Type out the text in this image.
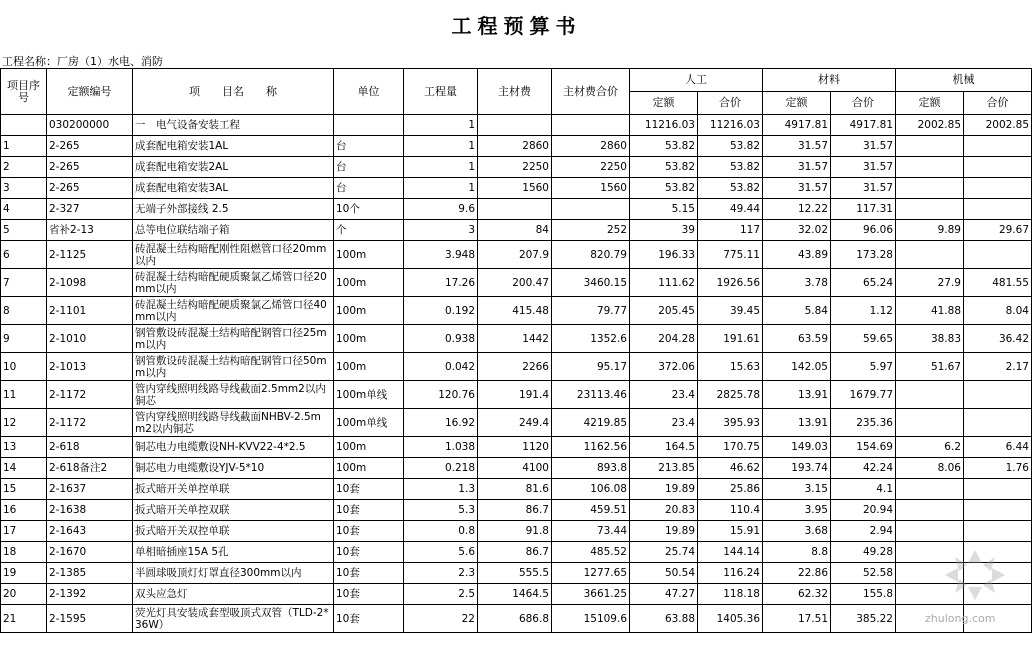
工程预算书
工程名称：厂房（1）水电、消防
项目序号	定额编号	项　　目名　　称	单位	工程量	主材费	主材费合价	人工		材料		机械	
							定额	合价	定额	合价	定额	合价
	030200000	一　电气设备安装工程		1			11216.03	11216.03	4917.81	4917.81	2002.85	2002.85
1	2-265	成套配电箱安装1AL	台	1	2860	2860	53.82	53.82	31.57	31.57		
2	2-265	成套配电箱安装2AL	台	1	2250	2250	53.82	53.82	31.57	31.57		
3	2-265	成套配电箱安装3AL	台	1	1560	1560	53.82	53.82	31.57	31.57		
4	2-327	无端子外部接线 2.5	10个	9.6			5.15	49.44	12.22	117.31		
5	省补2-13	总等电位联结端子箱	个	3	84	252	39	117	32.02	96.06	9.89	29.67
6	2-1125	砖混凝土结构暗配刚性阻燃管口径20mm以内	100m	3.948	207.9	820.79	196.33	775.11	43.89	173.28		
7	2-1098	砖混凝土结构暗配硬质聚氯乙烯管口径20mm以内	100m	17.26	200.47	3460.15	111.62	1926.56	3.78	65.24	27.9	481.55
8	2-1101	砖混凝土结构暗配硬质聚氯乙烯管口径40mm以内	100m	0.192	415.48	79.77	205.45	39.45	5.84	1.12	41.88	8.04
9	2-1010	钢管敷设砖混凝土结构暗配钢管口径25mm以内	100m	0.938	1442	1352.6	204.28	191.61	63.59	59.65	38.83	36.42
10	2-1013	钢管敷设砖混凝土结构暗配钢管口径50mm以内	100m	0.042	2266	95.17	372.06	15.63	142.05	5.97	51.67	2.17
11	2-1172	管内穿线照明线路导线截面2.5mm2以内铜芯	100m单线	120.76	191.4	23113.46	23.4	2825.78	13.91	1679.77		
12	2-1172	管内穿线照明线路导线截面NHBV-2.5mm2以内铜芯	100m单线	16.92	249.4	4219.85	23.4	395.93	13.91	235.36		
13	2-618	铜芯电力电缆敷设NH-KVV22-4*2.5	100m	1.038	1120	1162.56	164.5	170.75	149.03	154.69	6.2	6.44
14	2-618备注2	铜芯电力电缆敷设YJV-5*10	100m	0.218	4100	893.8	213.85	46.62	193.74	42.24	8.06	1.76
15	2-1637	扳式暗开关单控单联	10套	1.3	81.6	106.08	19.89	25.86	3.15	4.1		
16	2-1638	扳式暗开关单控双联	10套	5.3	86.7	459.51	20.83	110.4	3.95	20.94		
17	2-1643	扳式暗开关双控单联	10套	0.8	91.8	73.44	19.89	15.91	3.68	2.94		
18	2-1670	单相暗插座15A 5孔	10套	5.6	86.7	485.52	25.74	144.14	8.8	49.28		
19	2-1385	半圆球吸顶灯灯罩直径300mm以内	10套	2.3	555.5	1277.65	50.54	116.24	22.86	52.58		
20	2-1392	双头应急灯	10套	2.5	1464.5	3661.25	47.27	118.18	62.32	155.8		
21	2-1595	荧光灯具安装成套型吸顶式双管（TLD-2*36W）	10套	22	686.8	15109.6	63.88	1405.36	17.51	385.22			zhulong.com
